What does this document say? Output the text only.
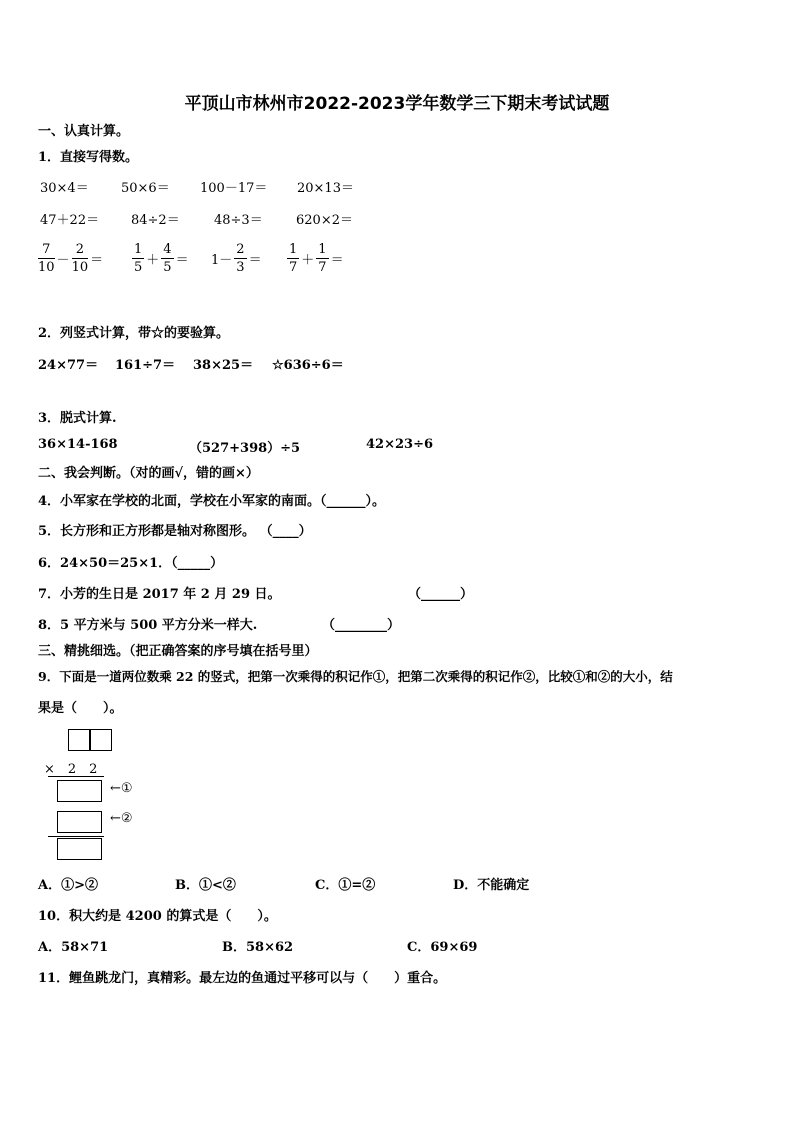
平顶山市林州市2022-2023学年数学三下期末考试试题
一、认真计算。
1．直接写得数。
30×4＝ 50×6＝ 100－17＝ 20×13＝
47＋22＝ 84÷2＝	48÷3＝	620×2＝
$\frac{7}{10} - \frac{2}{10} = \frac{1}{5} + \frac{4}{5} = 1- \frac{2}{3} = \frac{1}{7} + \frac{1}{7}$ ＝
2．列竖式计算，带☆的要验算。
24×77＝ 161÷7＝ 38×25＝ ☆636÷6＝
3．脱式计算.
36×14-168	（527+398）÷5	42×23÷6
二、我会判断。（对的画√，错的画×）
4．小军家在学校的北面，学校在小军家的南面。（______）。
5．长方形和正方形都是轴对称图形。 （____）
6．24×50＝25×1．（_____）
7．小芳的生日是 2017 年 2 月 29 日。	（______）
8．5 平方米与 500 平方分米一样大.	（________）
三、精挑细选。（把正确答案的序号填在括号里）
9．下面是一道两位数乘 22 的竖式，把第一次乘得的积记作①，把第二次乘得的积记作②，比较①和②的大小，结
果是（　　）。
×　2　2
←①
←②
A．①>②	B．①<②	C．①=②	D．不能确定
10．积大约是 4200 的算式是（　　）。
A．58×71	B．58×62	C．69×69
11．鲤鱼跳龙门，真精彩。最左边的鱼通过平移可以与（　　）重合。
